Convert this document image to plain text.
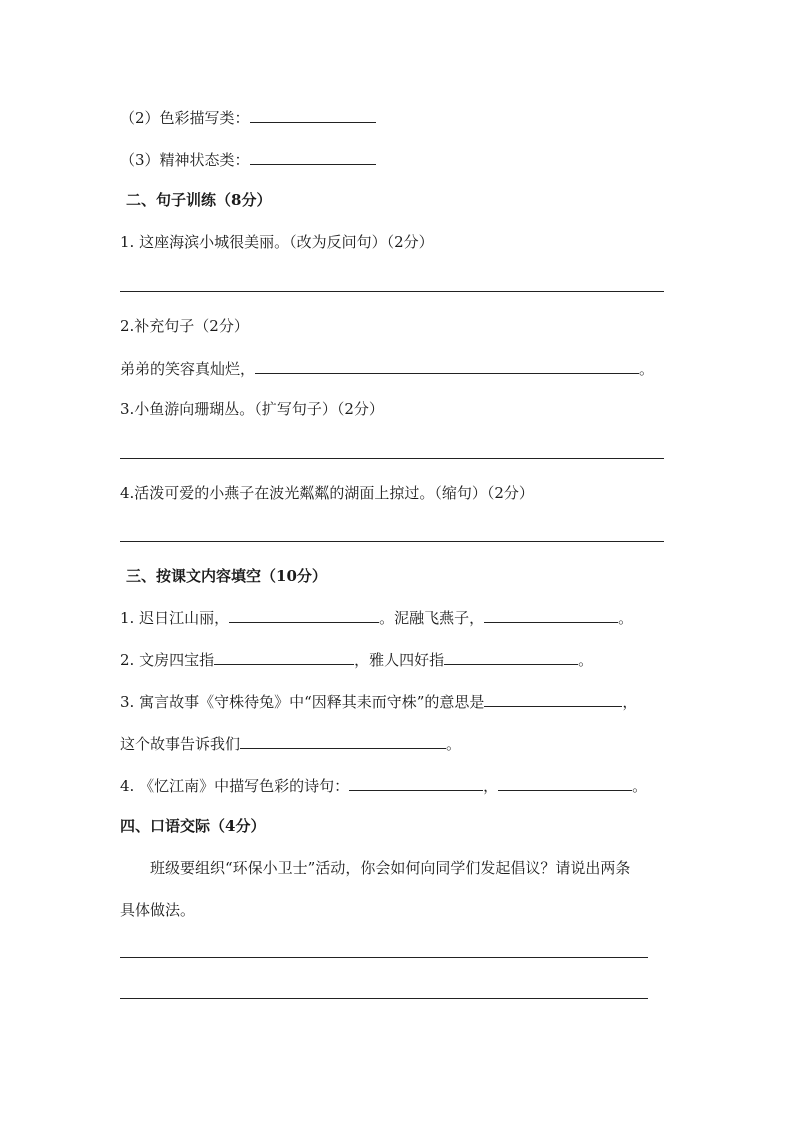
（2）色彩描写类：
（3）精神状态类：
二、句子训练（8分）
1. 这座海滨小城很美丽。（改为反问句）（2分）
2.补充句子（2分）
弟弟的笑容真灿烂，	。
3.小鱼游向珊瑚丛。（扩写句子）（2分）
4.活泼可爱的小燕子在波光粼粼的湖面上掠过。（缩句）（2分）
三、按课文内容填空（10分）
1. 迟日江山丽，	。泥融飞燕子，	。
2. 文房四宝指	，雅人四好指	。
3. 寓言故事《守株待兔》中“因释其耒而守株”的意思是	，
这个故事告诉我们	。
4. 《忆江南》中描写色彩的诗句：	，	。
四、口语交际（4分）
班级要组织“环保小卫士”活动，你会如何向同学们发起倡议？请说出两条
具体做法。
